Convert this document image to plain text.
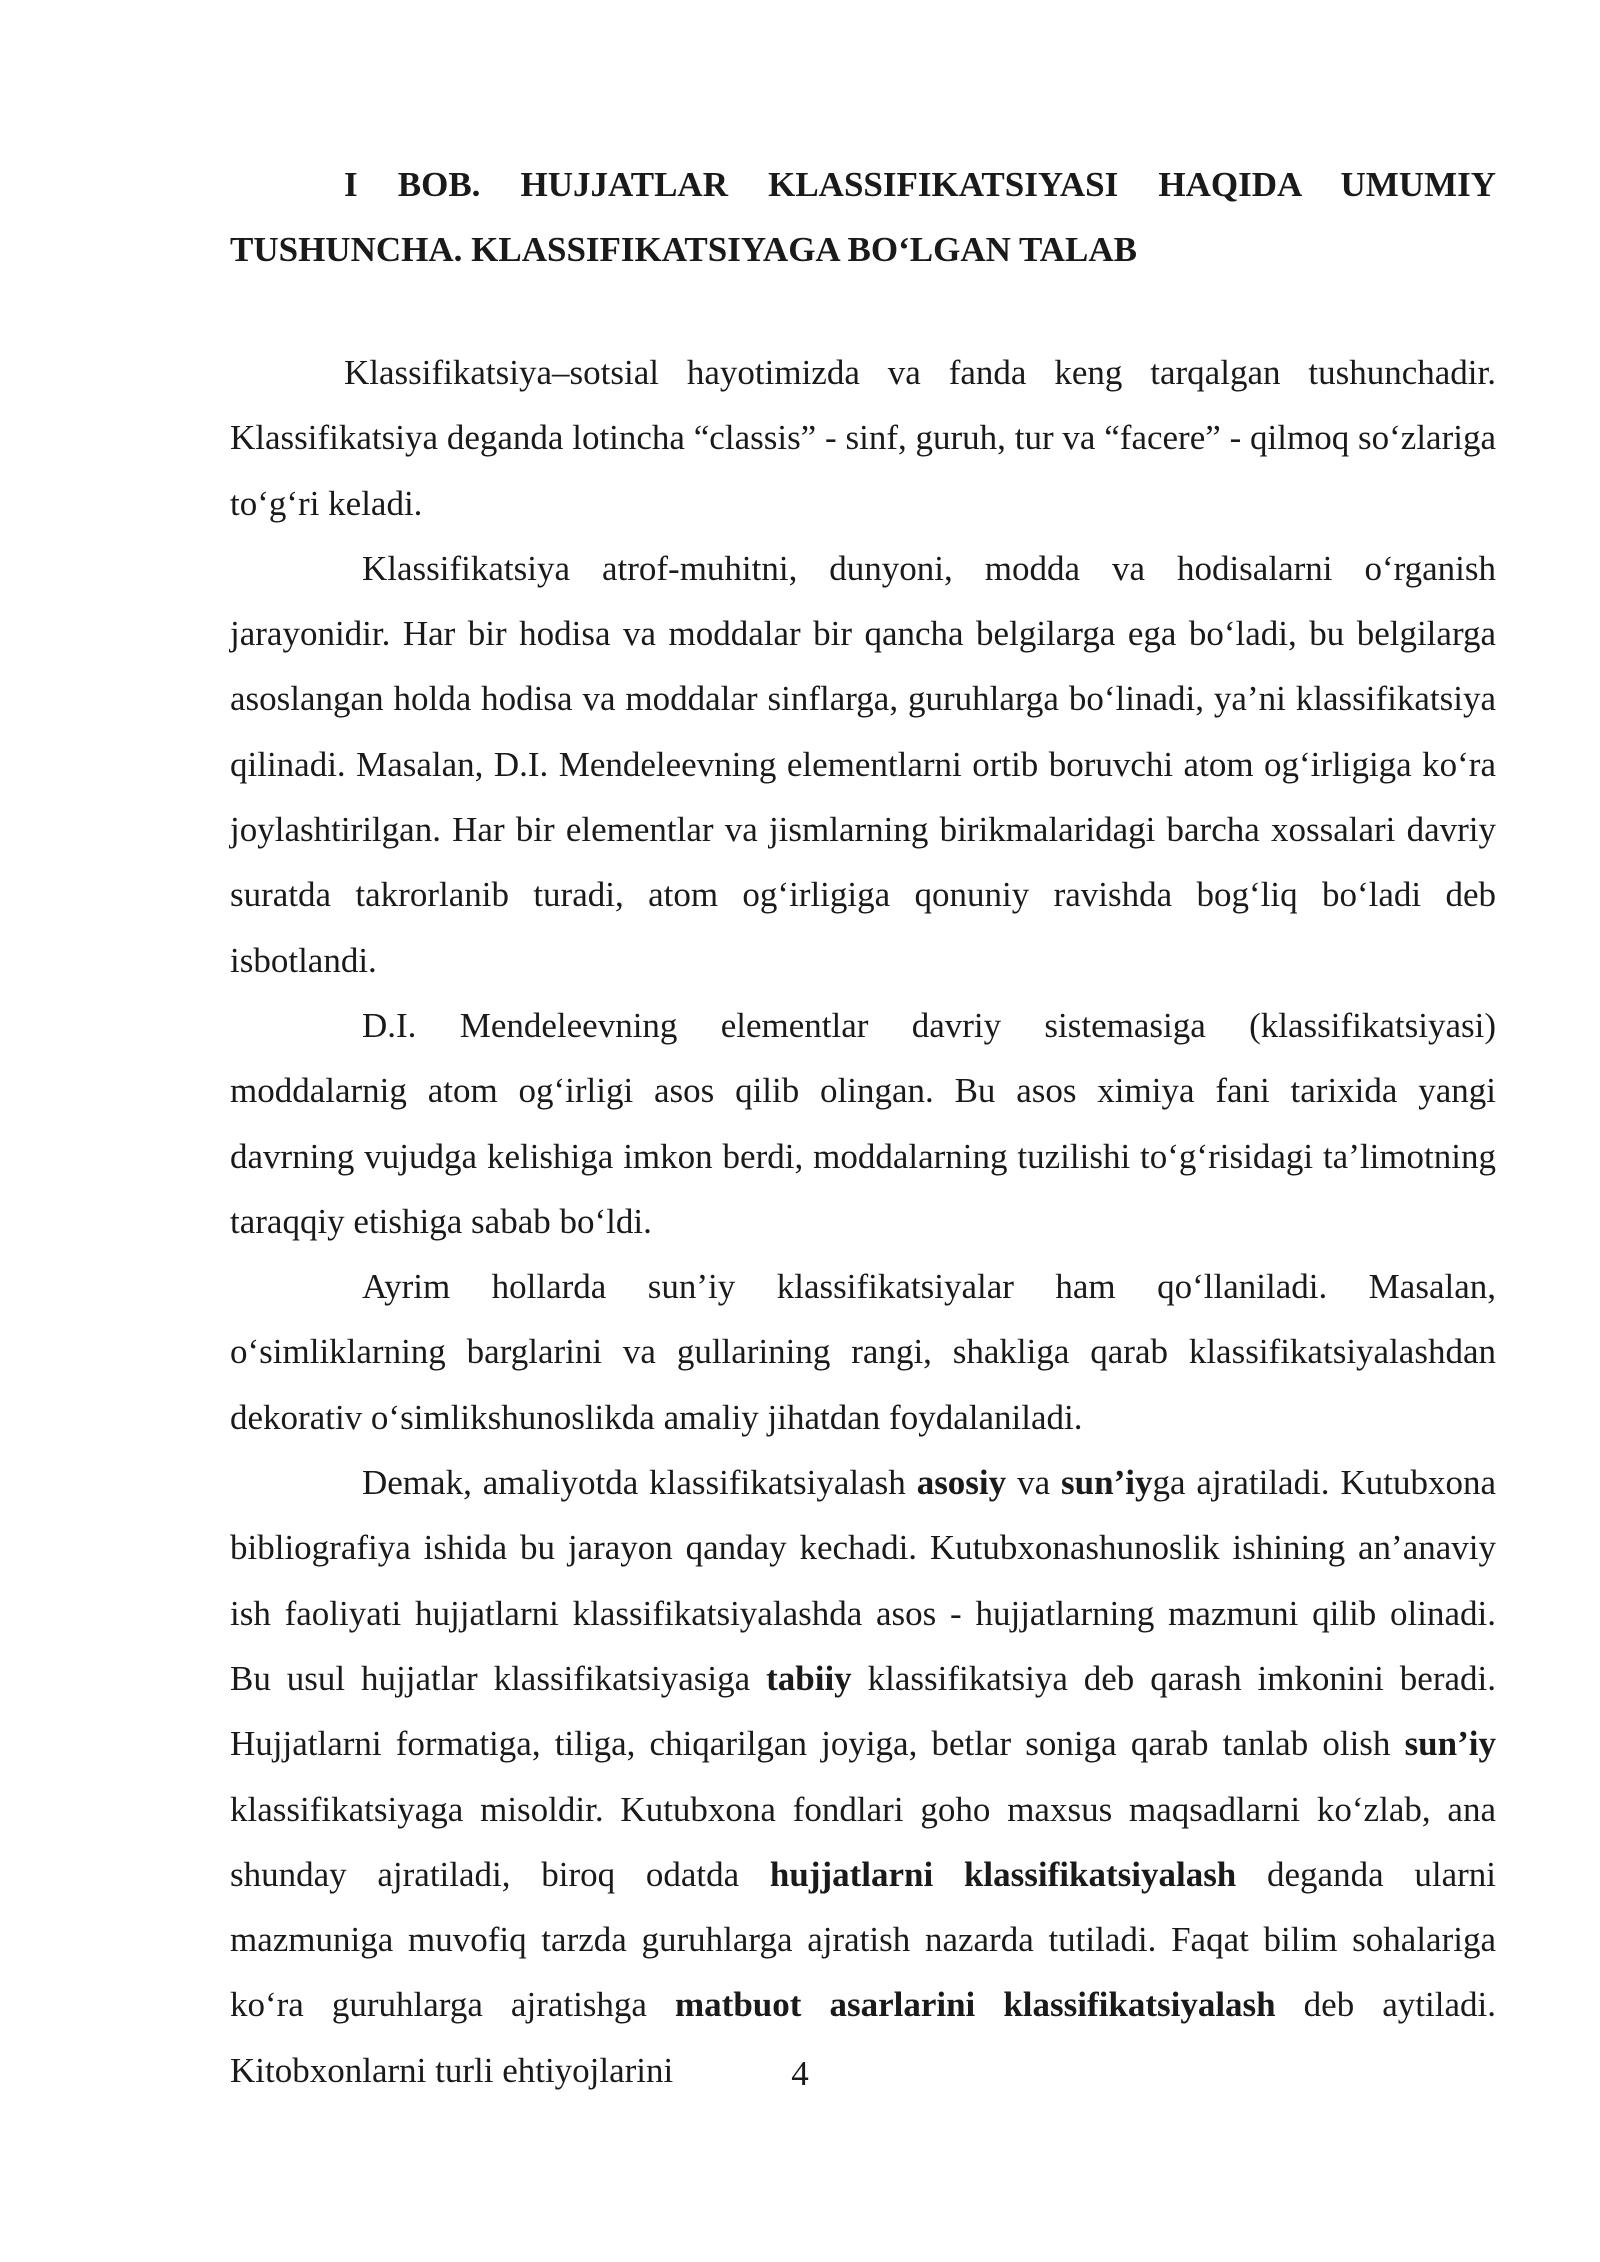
I BOB. HUJJATLAR KLASSIFIKATSIYASI HAQIDA UMUMIY TUSHUNCHA. KLASSIFIKATSIYAGA BO‘LGAN TALAB

Klassifikatsiya–sotsial hayotimizda va fanda keng tarqalgan tushunchadir. Klassifikatsiya deganda lotincha “classis” - sinf, guruh, tur va “facere” - qilmoq so‘zlariga to‘g‘ri keladi.

Klassifikatsiya atrof-muhitni, dunyoni, modda va hodisalarni o‘rganish jarayonidir. Har bir hodisa va moddalar bir qancha belgilarga ega bo‘ladi, bu belgilarga asoslangan holda hodisa va moddalar sinflarga, guruhlarga bo‘linadi, ya’ni klassifikatsiya qilinadi. Masalan, D.I. Mendeleevning elementlarni ortib boruvchi atom og‘irligiga ko‘ra joylashtirilgan. Har bir elementlar va jismlarning birikmalaridagi barcha xossalari davriy suratda takrorlanib turadi, atom og‘irligiga qonuniy ravishda bog‘liq bo‘ladi deb isbotlandi.

D.I. Mendeleevning elementlar davriy sistemasiga (klassifikatsiyasi) moddalarnig atom og‘irligi asos qilib olingan. Bu asos ximiya fani tarixida yangi davrning vujudga kelishiga imkon berdi, moddalarning tuzilishi to‘g‘risidagi ta’limotning taraqqiy etishiga sabab bo‘ldi.

Ayrim hollarda sun’iy klassifikatsiyalar ham qo‘llaniladi. Masalan, o‘simliklarning barglarini va gullarining rangi, shakliga qarab klassifikatsiyalashdan dekorativ o‘simlikshunoslikda amaliy jihatdan foydalaniladi.

Demak, amaliyotda klassifikatsiyalash asosiy va sun’iyga ajratiladi. Kutubxona bibliografiya ishida bu jarayon qanday kechadi. Kutubxonashunoslik ishining an’anaviy ish faoliyati hujjatlarni klassifikatsiyalashda asos - hujjatlarning mazmuni qilib olinadi. Bu usul hujjatlar klassifikatsiyasiga tabiiy klassifikatsiya deb qarash imkonini beradi. Hujjatlarni formatiga, tiliga, chiqarilgan joyiga, betlar soniga qarab tanlab olish sun’iy klassifikatsiyaga misoldir. Kutubxona fondlari goho maxsus maqsadlarni ko‘zlab, ana shunday ajratiladi, biroq odatda hujjatlarni klassifikatsiyalash deganda ularni mazmuniga muvofiq tarzda guruhlarga ajratish nazarda tutiladi. Faqat bilim sohalariga ko‘ra guruhlarga ajratishga matbuot asarlarini klassifikatsiyalash deb aytiladi. Kitobxonlarni turli ehtiyojlarini	4
